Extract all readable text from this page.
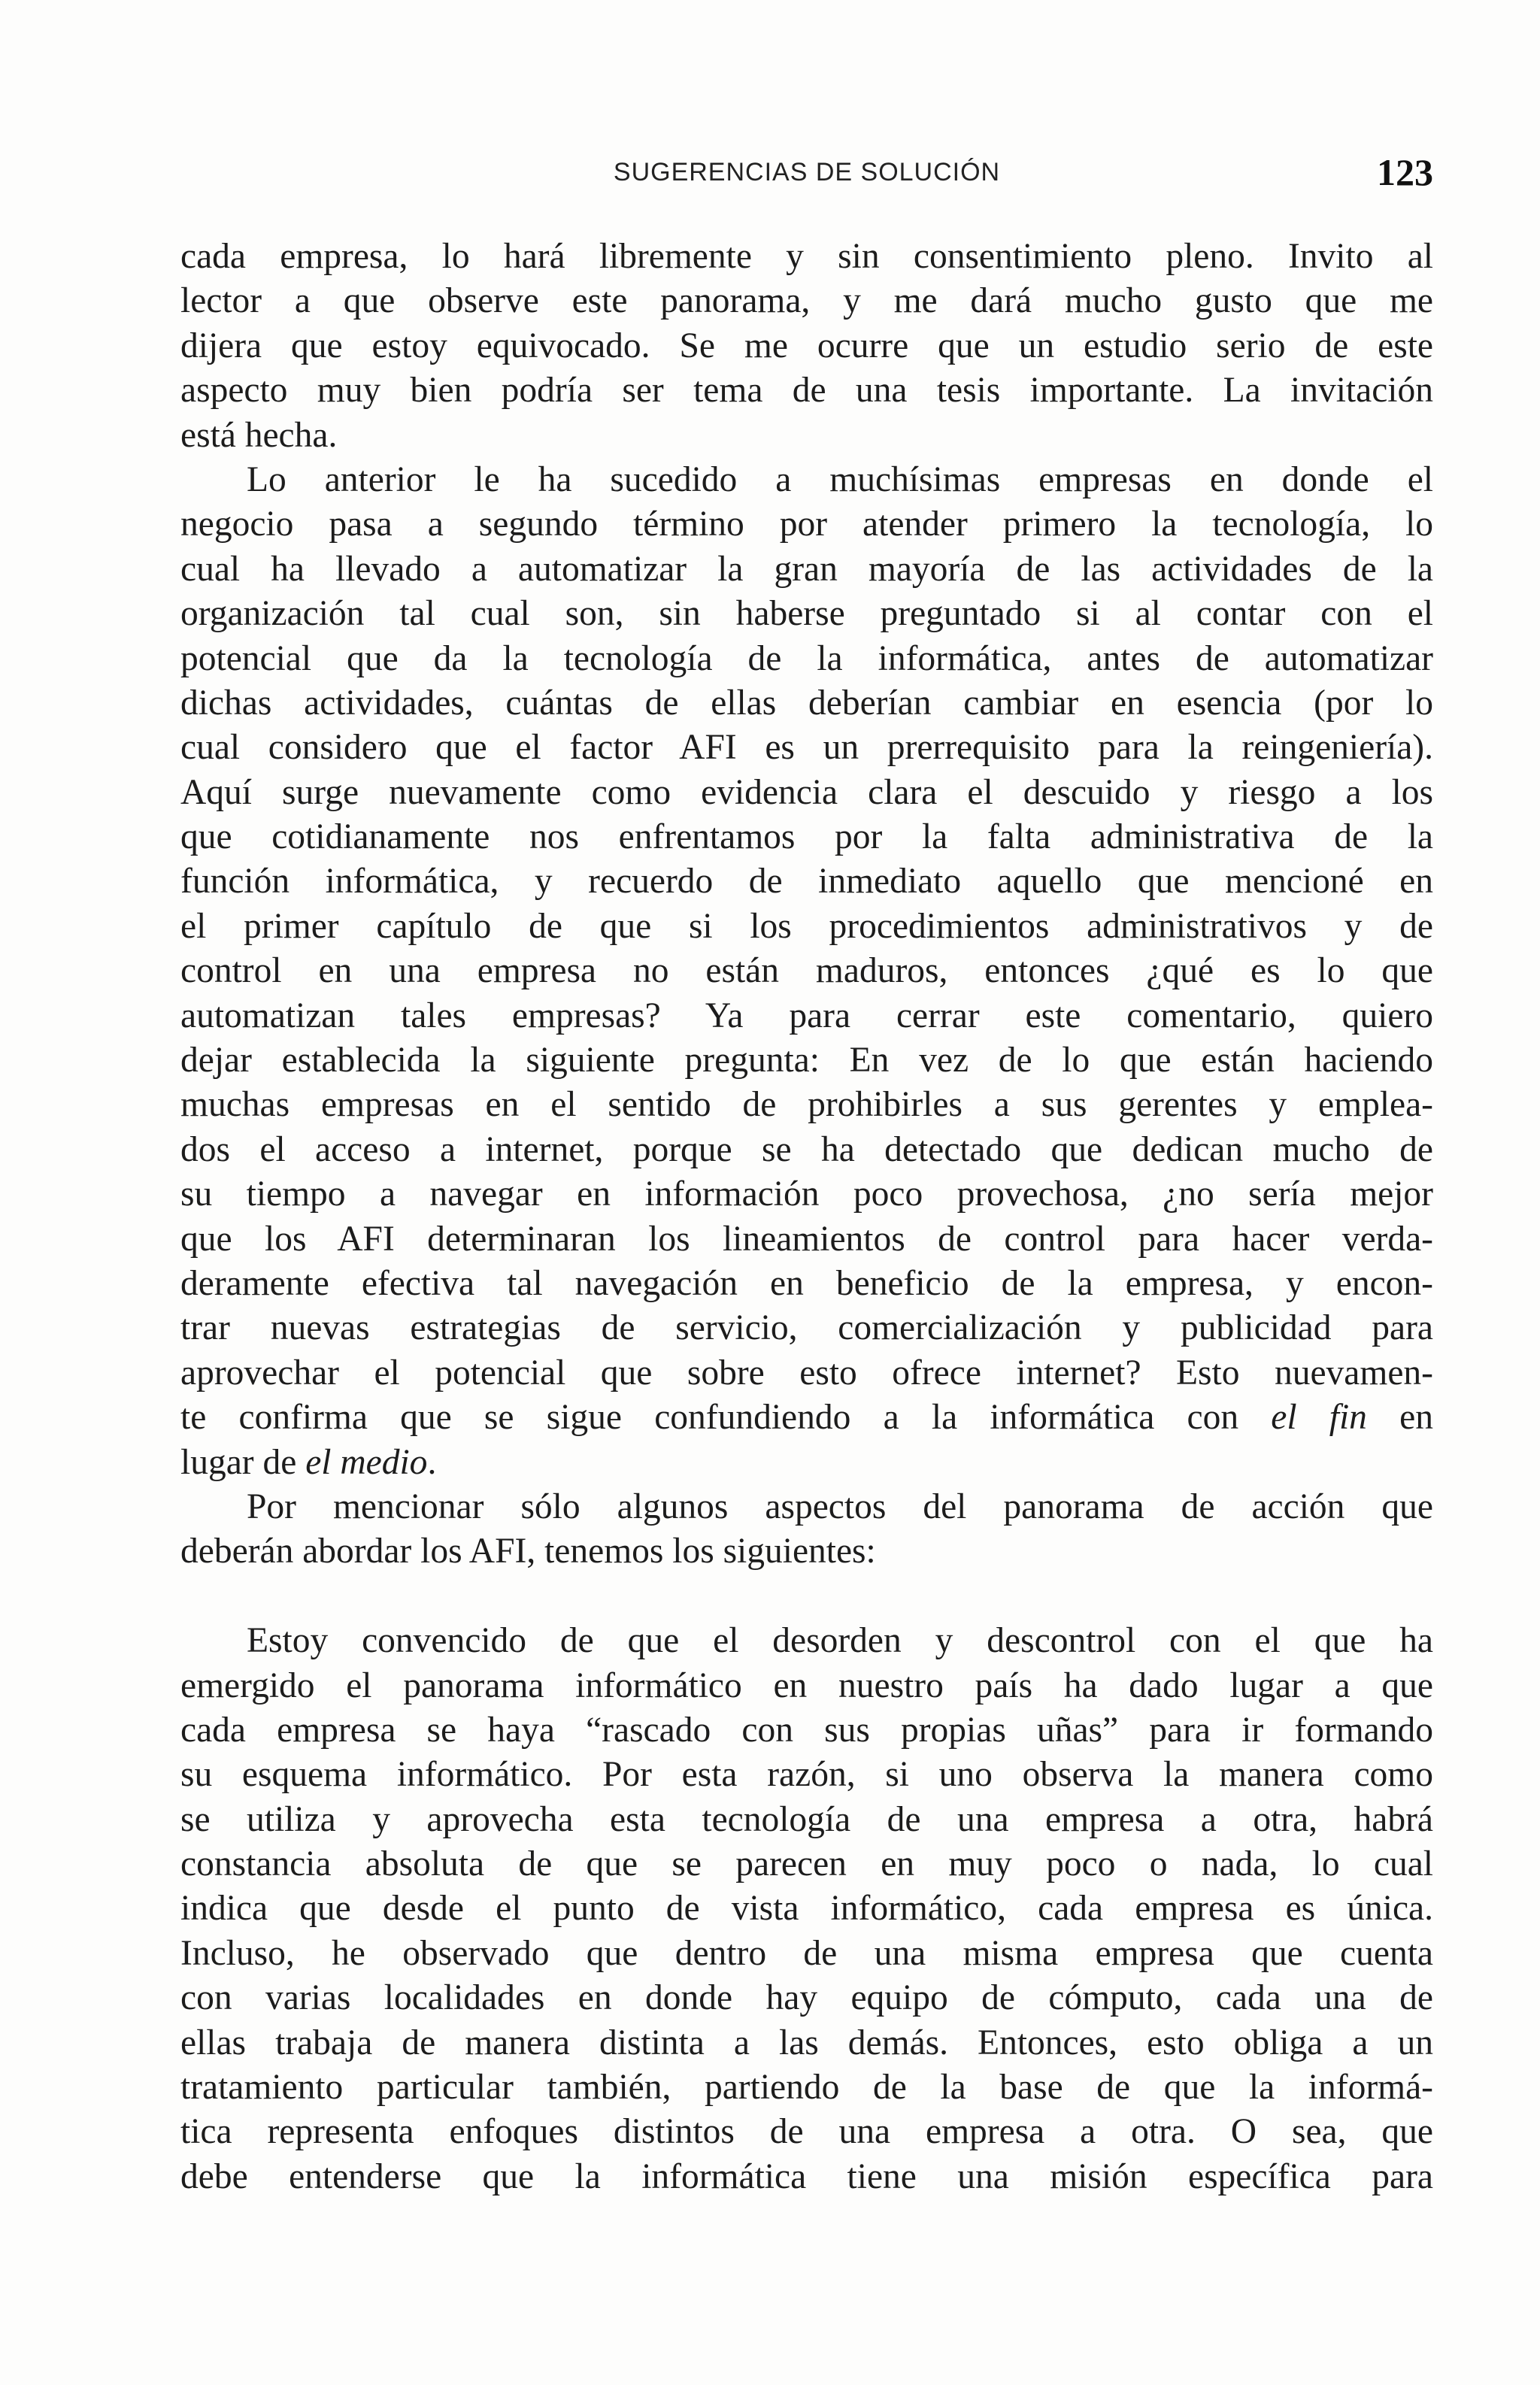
SUGERENCIAS DE SOLUCIÓN	123
cada empresa, lo hará libremente y sin consentimiento pleno. Invito al
lector a que observe este panorama, y me dará mucho gusto que me
dijera que estoy equivocado. Se me ocurre que un estudio serio de este
aspecto muy bien podría ser tema de una tesis importante. La invitación
está hecha.
Lo anterior le ha sucedido a muchísimas empresas en donde el
negocio pasa a segundo término por atender primero la tecnología, lo
cual ha llevado a automatizar la gran mayoría de las actividades de la
organización tal cual son, sin haberse preguntado si al contar con el
potencial que da la tecnología de la informática, antes de automatizar
dichas actividades, cuántas de ellas deberían cambiar en esencia (por lo
cual considero que el factor AFI es un prerrequisito para la reingeniería).
Aquí surge nuevamente como evidencia clara el descuido y riesgo a los
que cotidianamente nos enfrentamos por la falta administrativa de la
función informática, y recuerdo de inmediato aquello que mencioné en
el primer capítulo de que si los procedimientos administrativos y de
control en una empresa no están maduros, entonces ¿qué es lo que
automatizan tales empresas? Ya para cerrar este comentario, quiero
dejar establecida la siguiente pregunta: En vez de lo que están haciendo
muchas empresas en el sentido de prohibirles a sus gerentes y emplea-
dos el acceso a internet, porque se ha detectado que dedican mucho de
su tiempo a navegar en información poco provechosa, ¿no sería mejor
que los AFI determinaran los lineamientos de control para hacer verda-
deramente efectiva tal navegación en beneficio de la empresa, y encon-
trar nuevas estrategias de servicio, comercialización y publicidad para
aprovechar el potencial que sobre esto ofrece internet? Esto nuevamen-
te confirma que se sigue confundiendo a la informática con el fin en
lugar de el medio.
Por mencionar sólo algunos aspectos del panorama de acción que
deberán abordar los AFI, tenemos los siguientes:
Estoy convencido de que el desorden y descontrol con el que ha
emergido el panorama informático en nuestro país ha dado lugar a que
cada empresa se haya “rascado con sus propias uñas” para ir formando
su esquema informático. Por esta razón, si uno observa la manera como
se utiliza y aprovecha esta tecnología de una empresa a otra, habrá
constancia absoluta de que se parecen en muy poco o nada, lo cual
indica que desde el punto de vista informático, cada empresa es única.
Incluso, he observado que dentro de una misma empresa que cuenta
con varias localidades en donde hay equipo de cómputo, cada una de
ellas trabaja de manera distinta a las demás. Entonces, esto obliga a un
tratamiento particular también, partiendo de la base de que la informá-
tica representa enfoques distintos de una empresa a otra. O sea, que
debe entenderse que la informática tiene una misión específica para
